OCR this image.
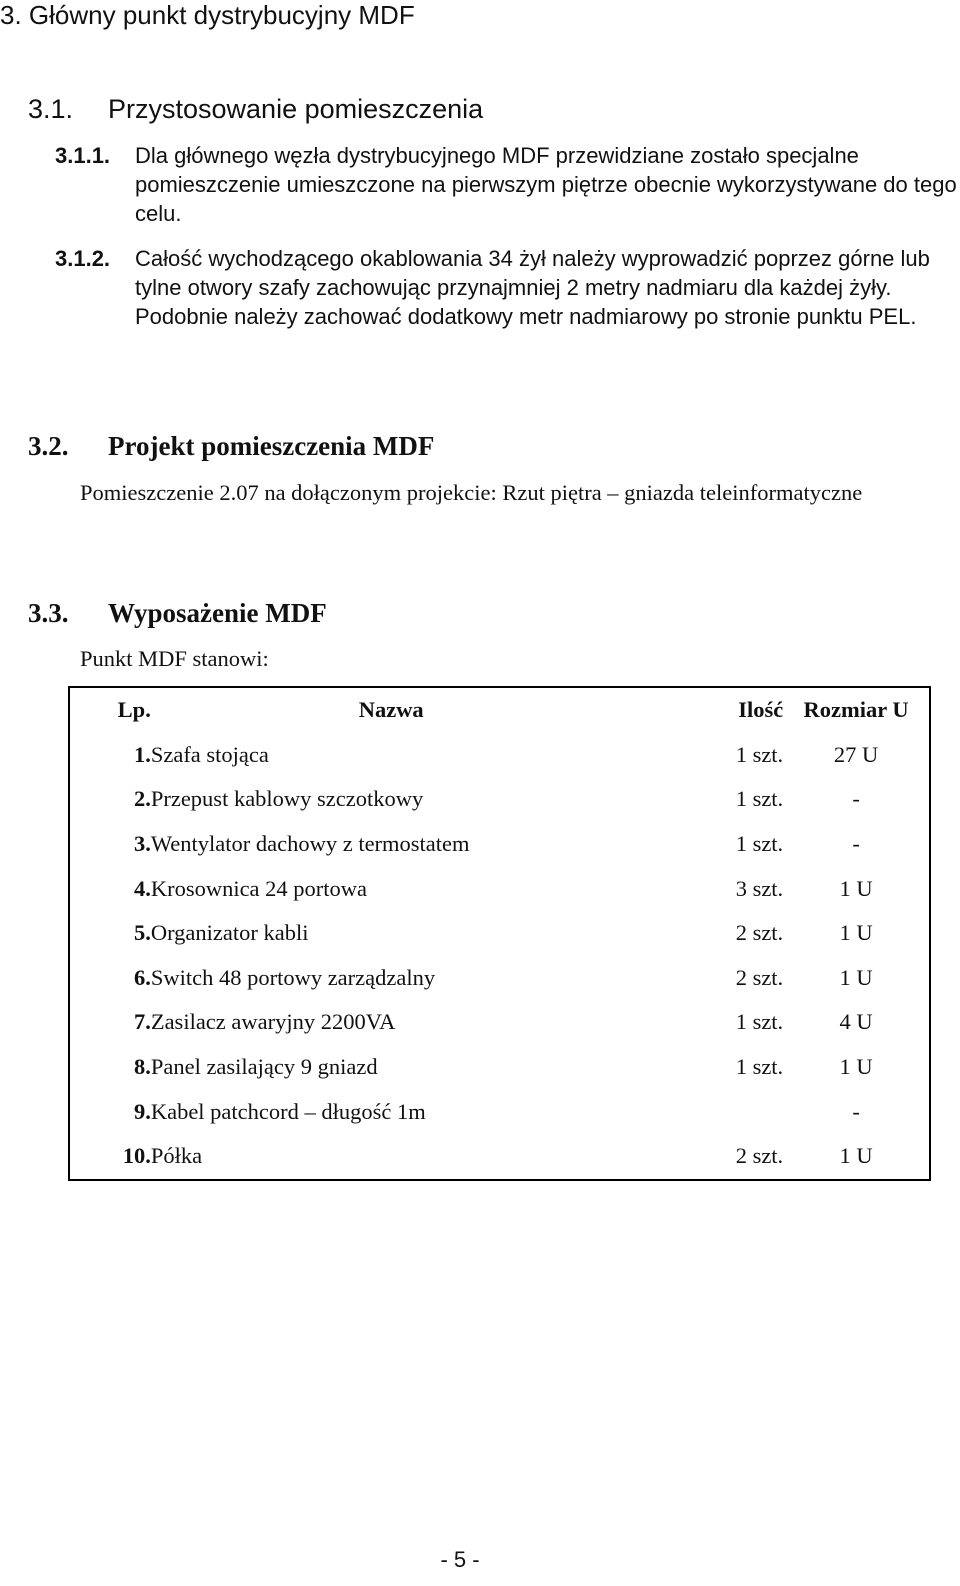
3. Główny punkt dystrybucyjny MDF
3.1. Przystosowanie pomieszczenia
3.1.1. Dla głównego węzła dystrybucyjnego MDF przewidziane zostało specjalne pomieszczenie umieszczone na pierwszym piętrze obecnie wykorzystywane do tego celu.
3.1.2. Całość wychodzącego okablowania 34 żył należy wyprowadzić poprzez górne lub tylne otwory szafy zachowując przynajmniej 2 metry nadmiaru dla każdej żyły. Podobnie należy zachować dodatkowy metr nadmiarowy po stronie punktu PEL.
3.2. Projekt pomieszczenia MDF
Pomieszczenie 2.07 na dołączonym projekcie: Rzut piętra – gniazda teleinformatyczne
3.3. Wyposażenie MDF
Punkt MDF stanowi:
Lp.	Nazwa	Ilość	Rozmiar U
1.	Szafa stojąca	1 szt.	27 U
2.	Przepust kablowy szczotkowy	1 szt.	-
3.	Wentylator dachowy z termostatem	1 szt.	-
4.	Krosownica 24 portowa	3 szt.	1 U
5.	Organizator kabli	2 szt.	1 U
6.	Switch 48 portowy zarządzalny	2 szt.	1 U
7.	Zasilacz awaryjny 2200VA	1 szt.	4 U
8.	Panel zasilający 9 gniazd	1 szt.	1 U
9.	Kabel patchcord – długość 1m		-
10.	Półka	2 szt.	1 U
- 5 -
